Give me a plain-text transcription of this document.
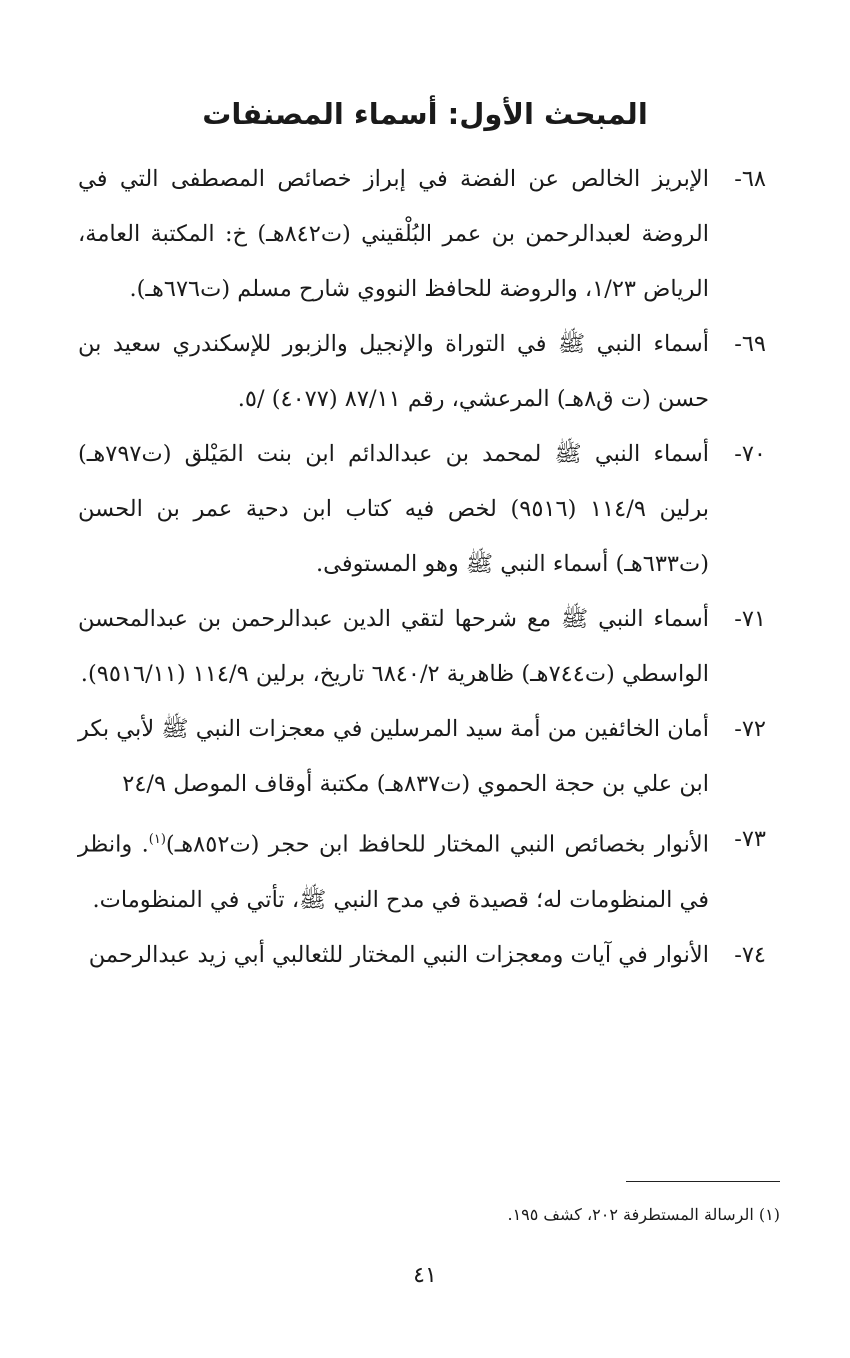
المبحث الأول: أسماء المصنفات
٦٨-
الإبريز الخالص عن الفضة في إبراز خصائص المصطفى التي في الروضة لعبدالرحمن بن عمر البُلْقيني (ت٨٤٢هـ) خ: المكتبة العامة، الرياض ١/٢٣، والروضة للحافظ النووي شارح مسلم (ت٦٧٦هـ).
٦٩-
أسماء النبي ﷺ في التوراة والإنجيل والزبور للإسكندري سعيد بن حسن (ت ق٨هـ) المرعشي، رقم ٨٧/١١ (٤٠٧٧) /٥.
٧٠-
أسماء النبي ﷺ لمحمد بن عبدالدائم ابن بنت المَيْلق (ت٧٩٧هـ) برلين ١١٤/٩ (٩٥١٦) لخص فيه كتاب ابن دحية عمر بن الحسن (ت٦٣٣هـ) أسماء النبي ﷺ وهو المستوفى.
٧١-
أسماء النبي ﷺ مع شرحها لتقي الدين عبدالرحمن بن عبدالمحسن الواسطي (ت٧٤٤هـ) ظاهرية ٦٨٤٠/٢ تاريخ، برلين ١١٤/٩ (٩٥١٦/١١).
٧٢-
أمان الخائفين من أمة سيد المرسلين في معجزات النبي ﷺ لأبي بكر ابن علي بن حجة الحموي (ت٨٣٧هـ) مكتبة أوقاف الموصل ٢٤/٩
٧٣-
الأنوار بخصائص النبي المختار للحافظ ابن حجر (ت٨٥٢هـ)$^{(١)}$. وانظر في المنظومات له؛ قصيدة في مدح النبي ﷺ، تأتي في المنظومات.
٧٤-
الأنوار في آيات ومعجزات النبي المختار للثعالبي أبي زيد عبدالرحمن
(١) الرسالة المستطرفة ٢٠٢، كشف ١٩٥.
٤١
